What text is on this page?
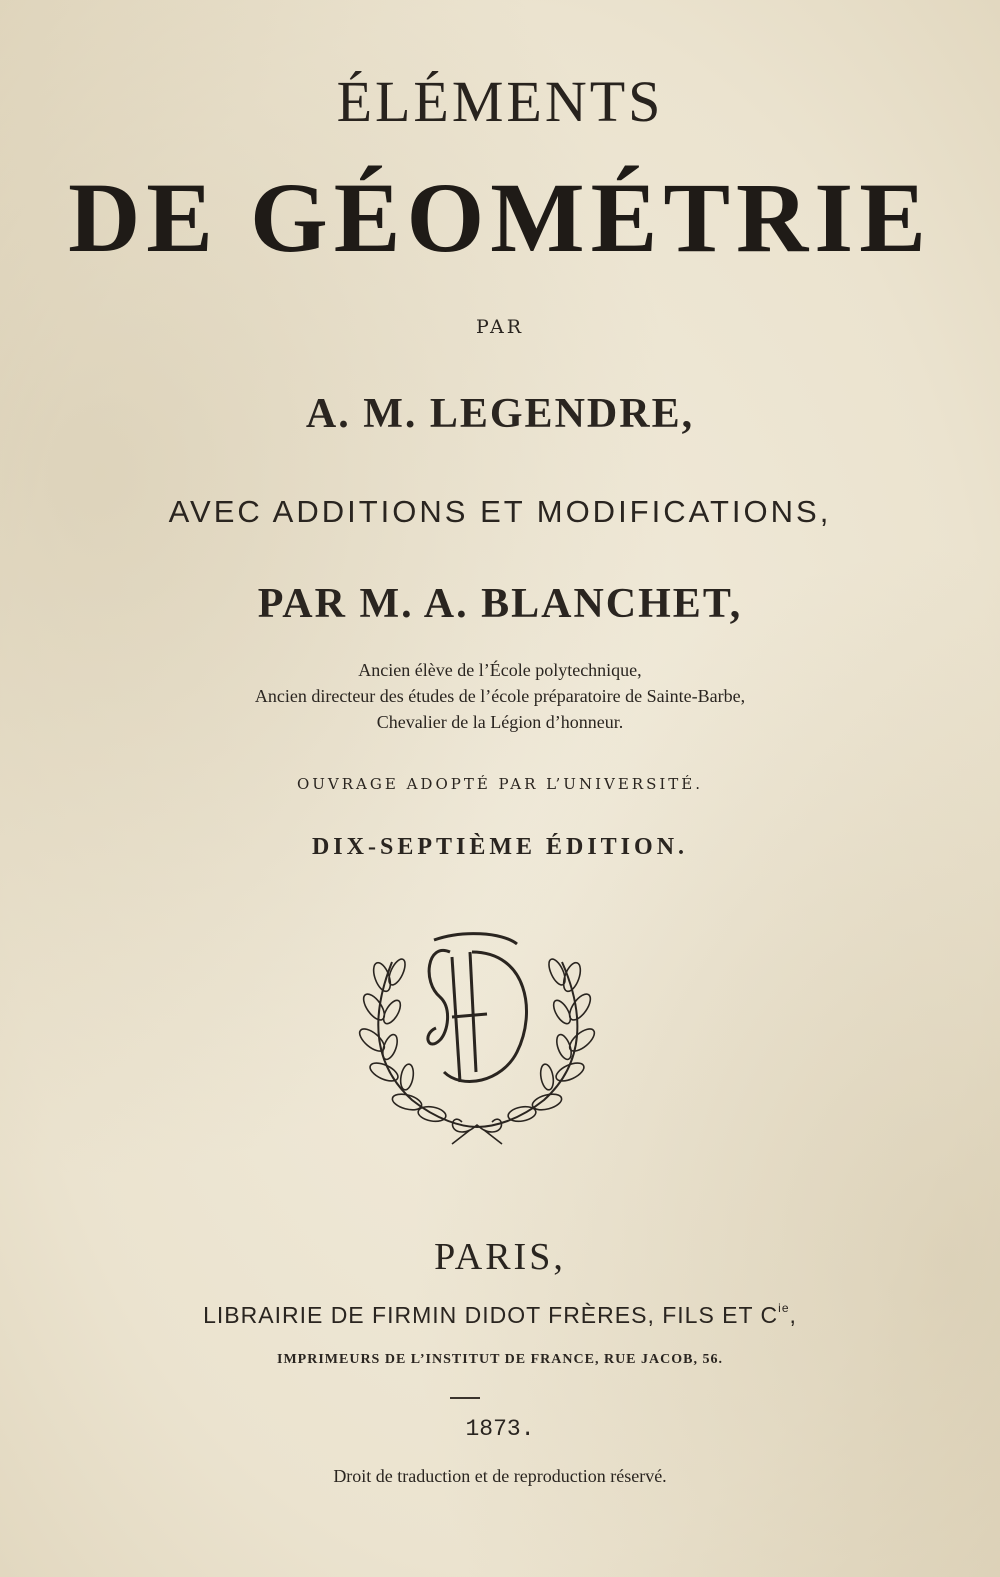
ÉLÉMENTS
DE GÉOMÉTRIE
PAR
A. M. LEGENDRE,
AVEC ADDITIONS ET MODIFICATIONS,
PAR M. A. BLANCHET,
Ancien élève de l’École polytechnique,
Ancien directeur des études de l’école préparatoire de Sainte-Barbe,
Chevalier de la Légion d’honneur.
OUVRAGE ADOPTÉ PAR L’UNIVERSITÉ.
DIX-SEPTIÈME ÉDITION.
PARIS,
LIBRAIRIE DE FIRMIN DIDOT FRÈRES, FILS ET $C^{ie}$,
IMPRIMEURS DE L’INSTITUT DE FRANCE, RUE JACOB, 56.
1873.
Droit de traduction et de reproduction réservé.
